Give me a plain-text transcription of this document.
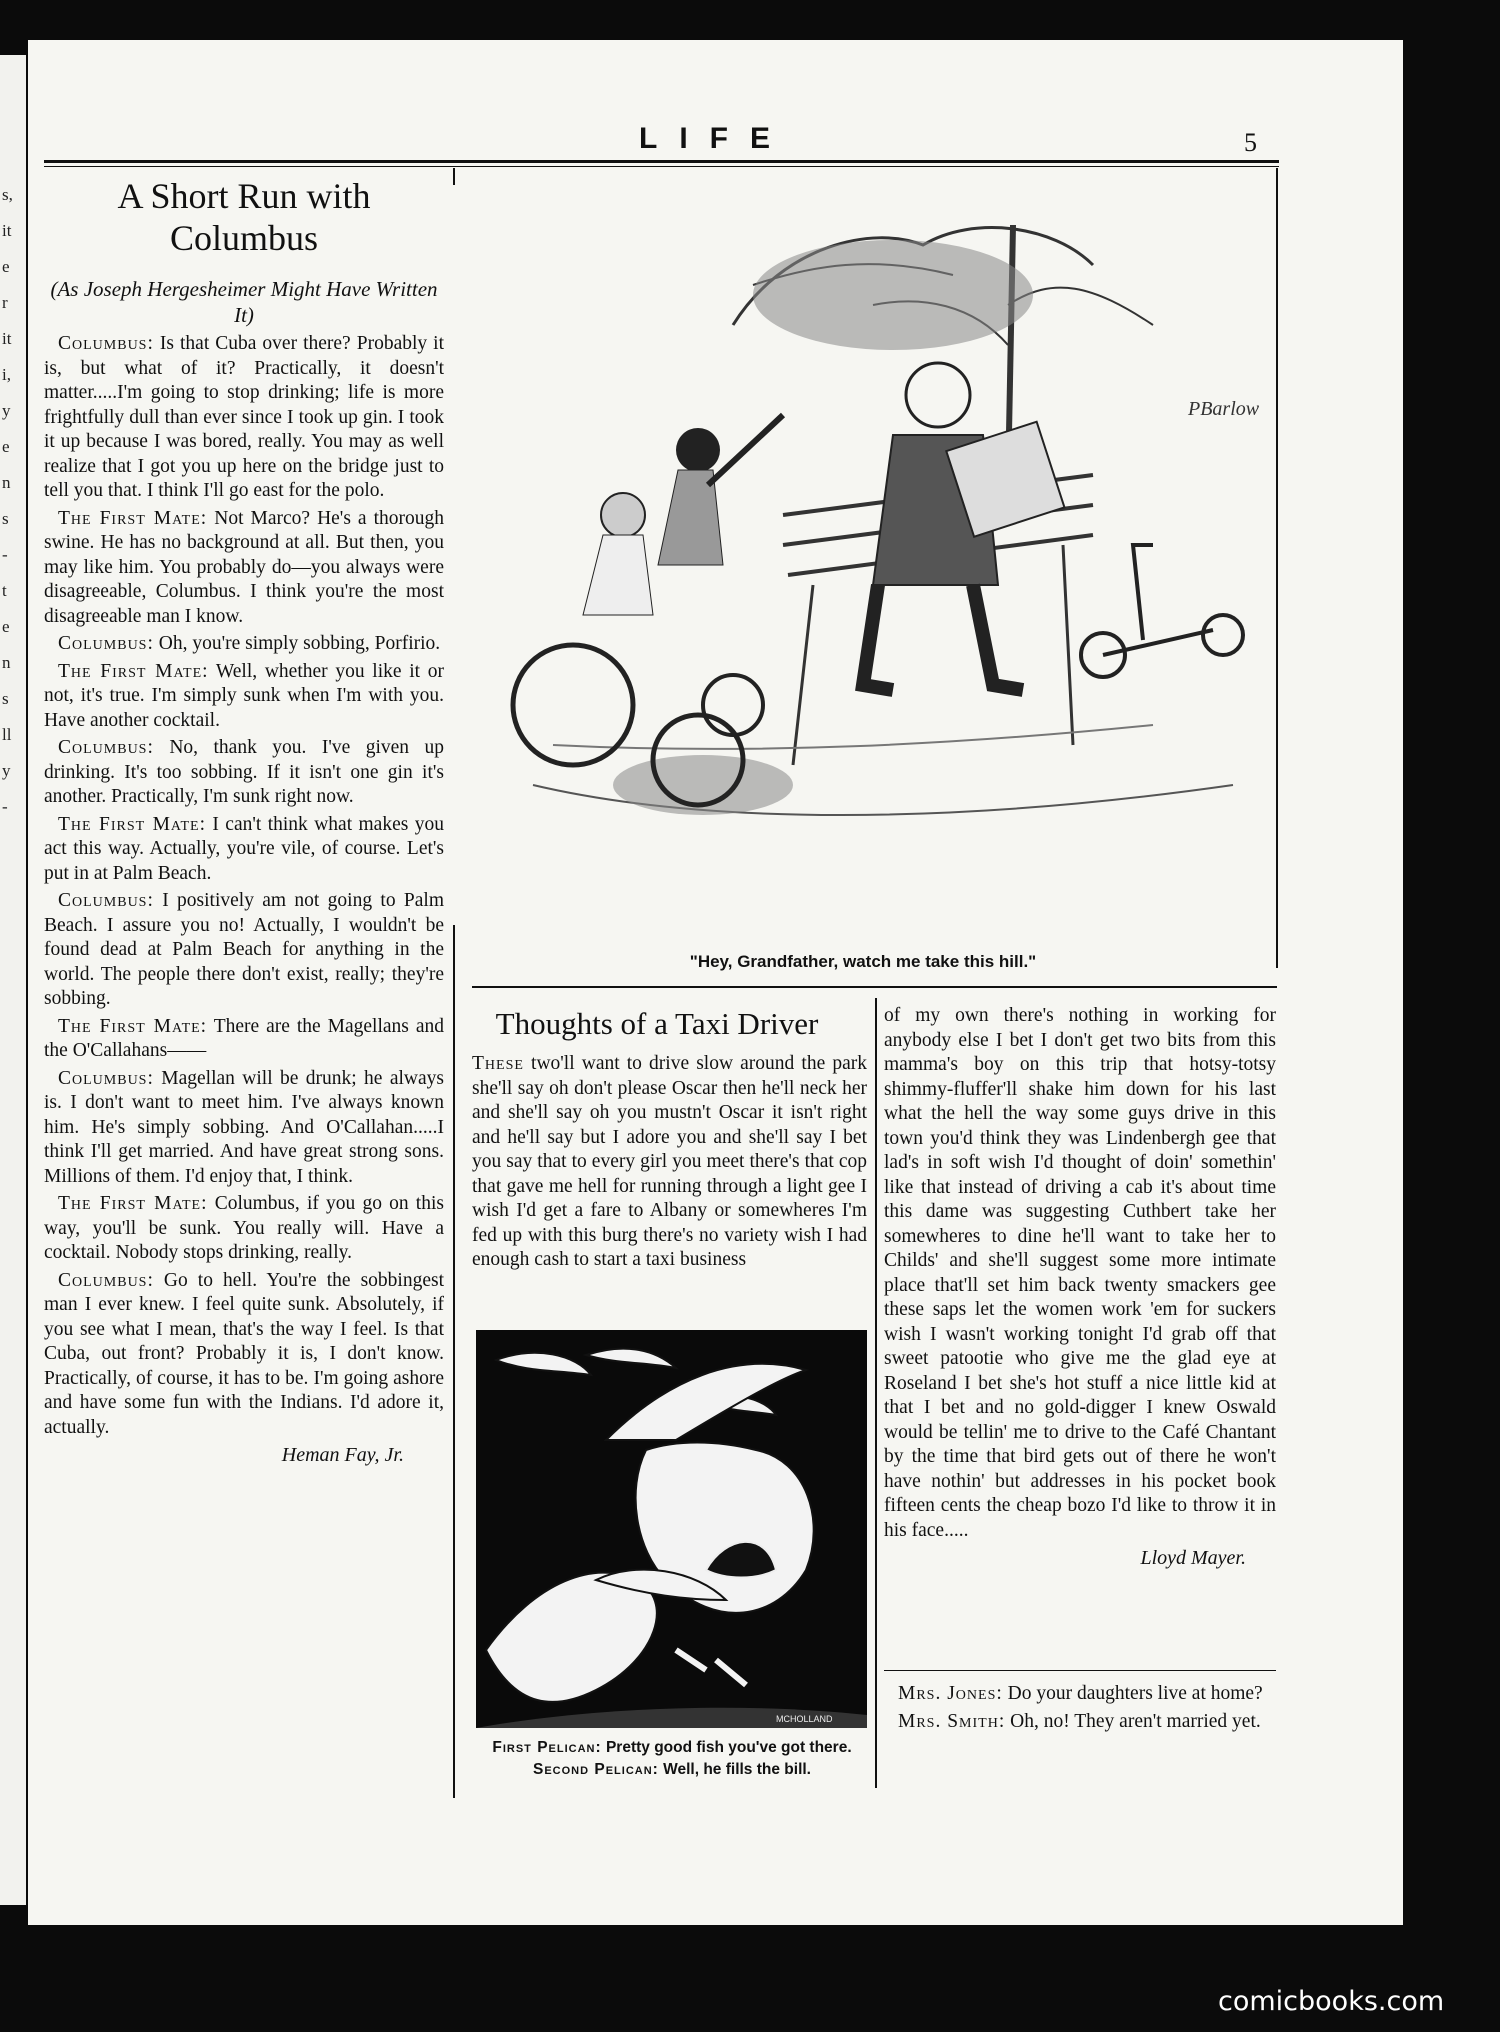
s,
it
e
r
it
i,
y
e
n
s
-
t
e
n
s
ll
y
-
LIFE	5
A Short Run with Columbus
(As Joseph Hergesheimer Might Have Written It)

Columbus: Is that Cuba over there? Probably it is, but what of it? Practically, it doesn't matter.....I'm going to stop drinking; life is more frightfully dull than ever since I took up gin. I took it up because I was bored, really. You may as well realize that I got you up here on the bridge just to tell you that. I think I'll go east for the polo.

The First Mate: Not Marco? He's a thorough swine. He has no background at all. But then, you may like him. You probably do—you always were disagreeable, Columbus. I think you're the most disagreeable man I know.

Columbus: Oh, you're simply sobbing, Porfirio.

The First Mate: Well, whether you like it or not, it's true. I'm simply sunk when I'm with you. Have another cocktail.

Columbus: No, thank you. I've given up drinking. It's too sobbing. If it isn't one gin it's another. Practically, I'm sunk right now.

The First Mate: I can't think what makes you act this way. Actually, you're vile, of course. Let's put in at Palm Beach.

Columbus: I positively am not going to Palm Beach. I assure you no! Actually, I wouldn't be found dead at Palm Beach for anything in the world. The people there don't exist, really; they're sobbing.

The First Mate: There are the Magellans and the O'Callahans——

Columbus: Magellan will be drunk; he always is. I don't want to meet him. I've always known him. He's simply sobbing. And O'Callahan.....I think I'll get married. And have great strong sons. Millions of them. I'd enjoy that, I think.

The First Mate: Columbus, if you go on this way, you'll be sunk. You really will. Have a cocktail. Nobody stops drinking, really.

Columbus: Go to hell. You're the sobbingest man I ever knew. I feel quite sunk. Absolutely, if you see what I mean, that's the way I feel. Is that Cuba, out front? Probably it is, I don't know. Practically, of course, it has to be. I'm going ashore and have some fun with the Indians. I'd adore it, actually.

Heman Fay, Jr.
PBarlow
"Hey, Grandfather, watch me take this hill."
Thoughts of a Taxi Driver

These two'll want to drive slow around the park she'll say oh don't please Oscar then he'll neck her and she'll say oh you mustn't Oscar it isn't right and he'll say but I adore you and she'll say I bet you say that to every girl you meet there's that cop that gave me hell for running through a light gee I wish I'd get a fare to Albany or somewheres I'm fed up with this burg there's no variety wish I had enough cash to start a taxi business

MCHOLLAND
First Pelican: Pretty good fish you've got there.
Second Pelican: Well, he fills the bill.

of my own there's nothing in working for anybody else I bet I don't get two bits from this mamma's boy on this trip that hotsy-totsy shimmy-fluffer'll shake him down for his last what the hell the way some guys drive in this town you'd think they was Lindenbergh gee that lad's in soft wish I'd thought of doin' somethin' like that instead of driving a cab it's about time this dame was suggesting Cuthbert take her somewheres to dine he'll want to take her to Childs' and she'll suggest some more intimate place that'll set him back twenty smackers gee these saps let the women work 'em for suckers wish I wasn't working tonight I'd grab off that sweet patootie who give me the glad eye at Roseland I bet she's hot stuff a nice little kid at that I bet and no gold-digger I knew Oswald would be tellin' me to drive to the Café Chantant by the time that bird gets out of there he won't have nothin' but addresses in his pocket book fifteen cents the cheap bozo I'd like to throw it in his face.....

Lloyd Mayer.

Mrs. Jones: Do your daughters live at home?

Mrs. Smith: Oh, no! They aren't married yet.

comicbooks.com
